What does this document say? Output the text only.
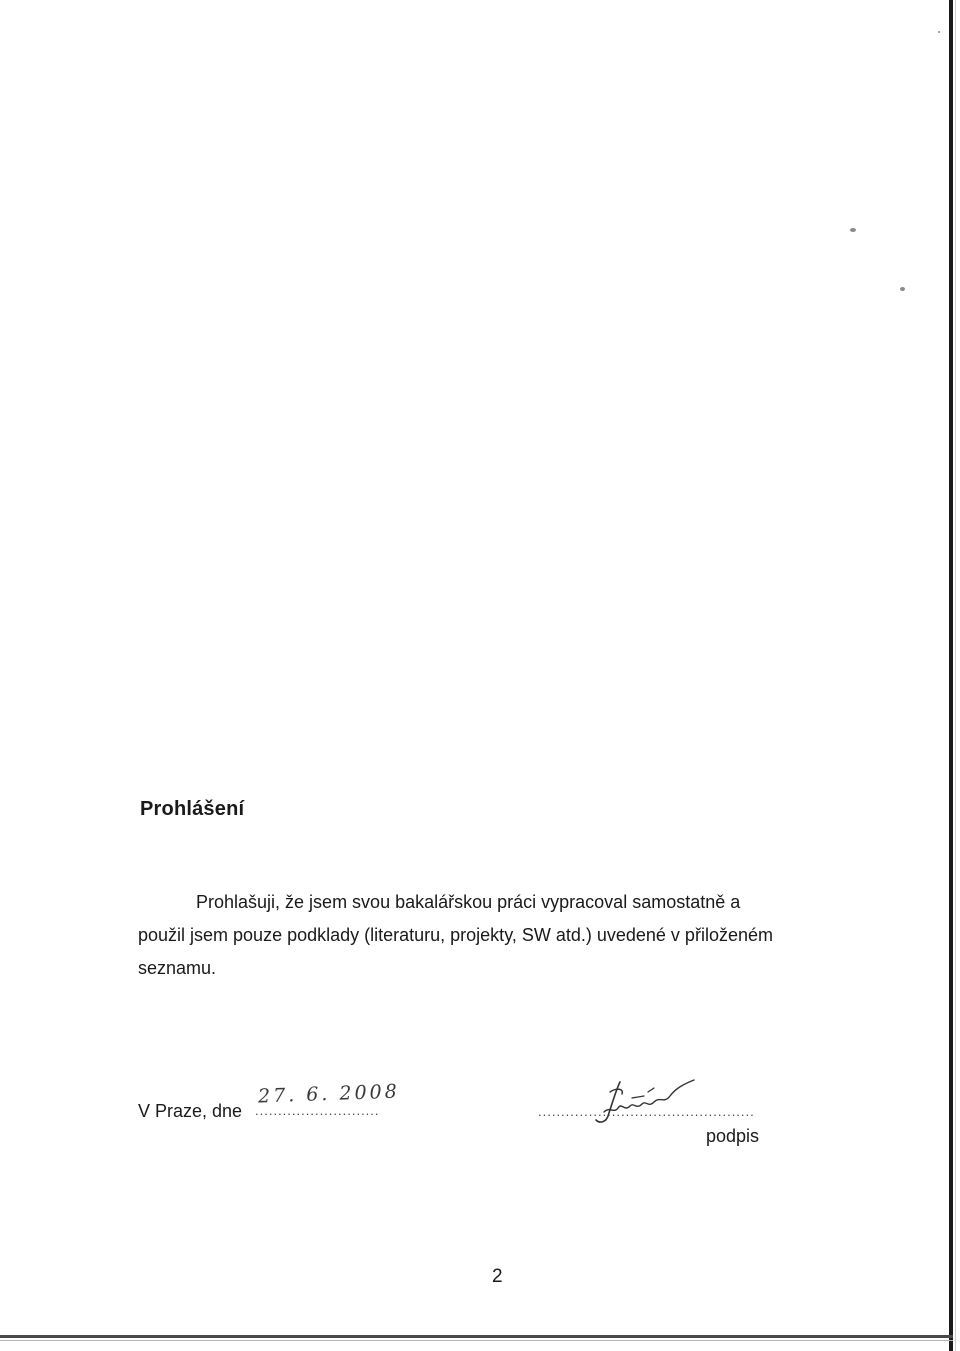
Prohlášení

Prohlašuji, že jsem svou bakalářskou práci vypracoval samostatně a

použil jsem pouze podklady (literaturu, projekty, SW atd.) uvedené v přiloženém

seznamu.

V Praze, dne ...........................
27. 6. 2008
...............................................
podpis
2
